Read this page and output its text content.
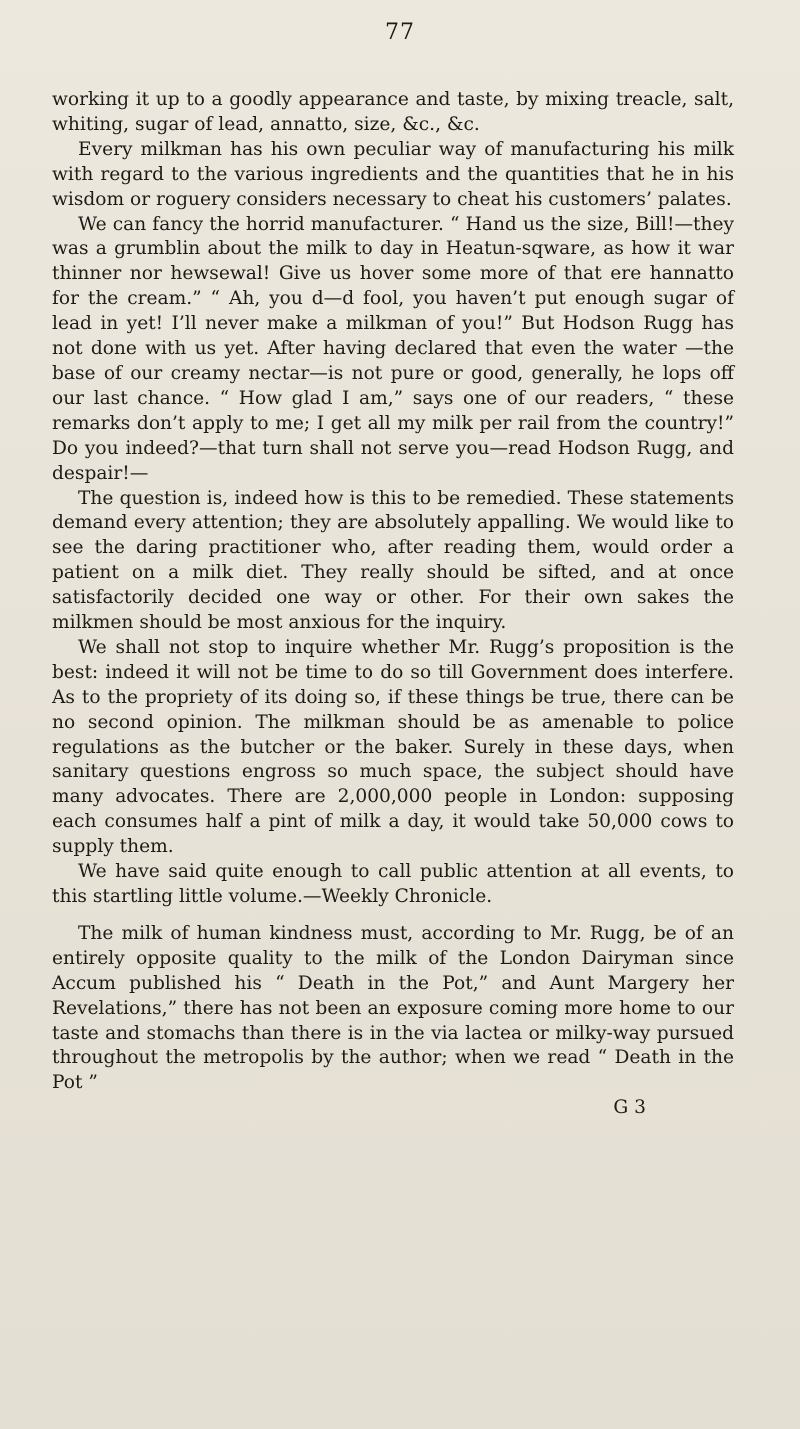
77

working it up to a goodly appearance and taste, by mixing treacle, salt, whiting, sugar of lead, annatto, size, &c., &c.

Every milkman has his own peculiar way of manufacturing his milk with regard to the various ingredients and the quantities that he in his wisdom or roguery considers necessary to cheat his customers’ palates.

We can fancy the horrid manufacturer. “ Hand us the size, Bill!—they was a grumblin about the milk to day in Heatun-sqware, as how it war thinner nor hewsewal! Give us hover some more of that ere hannatto for the cream.” “ Ah, you d—d fool, you haven’t put enough sugar of lead in yet! I’ll never make a milkman of you!” But Hodson Rugg has not done with us yet. After having declared that even the water —the base of our creamy nectar—is not pure or good, generally, he lops off our last chance. “ How glad I am,” says one of our readers, “ these remarks don’t apply to me; I get all my milk per rail from the country!” Do you indeed?—that turn shall not serve you—read Hodson Rugg, and despair!—

The question is, indeed how is this to be remedied. These statements demand every attention; they are absolutely appalling. We would like to see the daring practitioner who, after reading them, would order a patient on a milk diet. They really should be sifted, and at once satisfactorily decided one way or other. For their own sakes the milkmen should be most anxious for the inquiry.

We shall not stop to inquire whether Mr. Rugg’s proposition is the best: indeed it will not be time to do so till Government does interfere. As to the propriety of its doing so, if these things be true, there can be no second opinion. The milkman should be as amenable to police regulations as the butcher or the baker. Surely in these days, when sanitary questions engross so much space, the subject should have many advocates. There are 2,000,000 people in London: supposing each consumes half a pint of milk a day, it would take 50,000 cows to supply them.

We have said quite enough to call public attention at all events, to this startling little volume.—Weekly Chronicle.

The milk of human kindness must, according to Mr. Rugg, be of an entirely opposite quality to the milk of the London Dairyman since Accum published his “ Death in the Pot,” and Aunt Margery her Revelations,” there has not been an exposure coming more home to our taste and stomachs than there is in the via lactea or milky-way pursued throughout the metropolis by the author; when we read “ Death in the Pot ”

G 3
